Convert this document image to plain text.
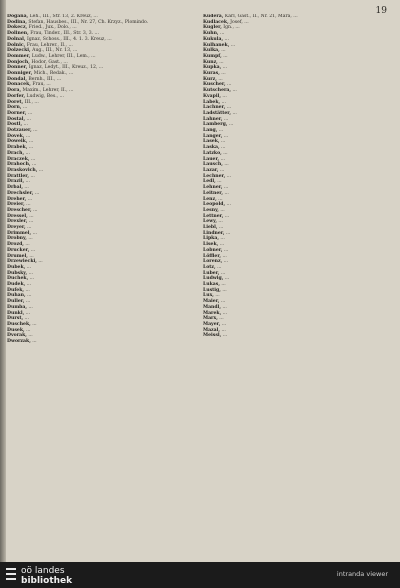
19
Dogana, Leh., III., Str. 13, 2. Kreuz, ...
Dodina, Stefan, Hausbes., III., Nr. 27, Ch. Krzyz., Plomindo.
Dokecz, Fried., Jux., Dolo., ...
Dolinen, Frau, Tinder., III., Str. 3, 3. ...
Dolnal, Ignaz, Schoss., III., 4. 1. 3. Kreuz, ...
Dolnic, Frau, Lehrer., II., ...
Dolzecki, Aug., III., Nr. 13, ...
Dommer, Ludw., Lehrer, III., Lem., ...
Donjoch, Hodor, Gast., ...
Donner, Ignaz, Ledyt., III., Kreuz., 12, ...
Donniger, Mich., Redak., ...
Dondal, Bernh., III., ...
Donacek, Frau, ...
Dora, Maxim., Lehrer, II., ...
Dorfer, Ludwig, Bes., ...
Doret, III., ...
Dorn, ...
Dorner, ...
Dostal, ...
Dostl, ...
Dotzauer, ...
Dovek, ...
Doweik, ...
Drabek, ...
Drach, ...
Draczek, ...
Drahoch, ...
Draskovich, ...
Drattler, ...
Drazil, ...
Drbal, ...
Drechsler, ...
Dreher, ...
Dreier, ...
Drescher, ...
Dressel, ...
Drexler, ...
Dreyer, ...
Drimmel, ...
Drobny, ...
Drozd, ...
Drucker, ...
Drumel, ...
Drzewiecki, ...
Dubek, ...
Dubsky, ...
Duchek, ...
Dudek, ...
Dufek, ...
Duhan, ...
Duller, ...
Dumba, ...
Dunkl, ...
Durst, ...
Duschek, ...
Dusek, ...
Dvorak, ...
Dworzak, ...
Kudera, Karl, Gast., II., Nr. 21, Mara, ...
Kudlacek, Josef, ...
Kugler, Ign., ...
Kuhn, ...
Kukula, ...
Kulhanek, ...
Kulka, ...
Kumpf, ...
Kunz, ...
Kupka, ...
Kuras, ...
Kurz, ...
Kuscher, ...
Kutschera, ...
Kvapil, ...
Labek, ...
Lachner, ...
Ladstätter, ...
Lahner, ...
Lamberg, ...
Lang, ...
Langer, ...
Lasek, ...
Laska, ...
Latzko, ...
Lauer, ...
Lausch, ...
Lazar, ...
Lechner, ...
Ledl, ...
Lehner, ...
Leitner, ...
Lenz, ...
Leopold, ...
Lesny, ...
Lettner, ...
Lewy, ...
Liebl, ...
Lindner, ...
Lipka, ...
Lisek, ...
Lobner, ...
Löffler, ...
Lorenz, ...
Lotz, ...
Luber, ...
Ludwig, ...
Lukas, ...
Lustig, ...
Lux, ...
Maier, ...
Mandl, ...
Marek, ...
Marx, ...
Mayer, ...
Mazal, ...
Meissl, ...
oö landes
bibliothek
intranda viewer
